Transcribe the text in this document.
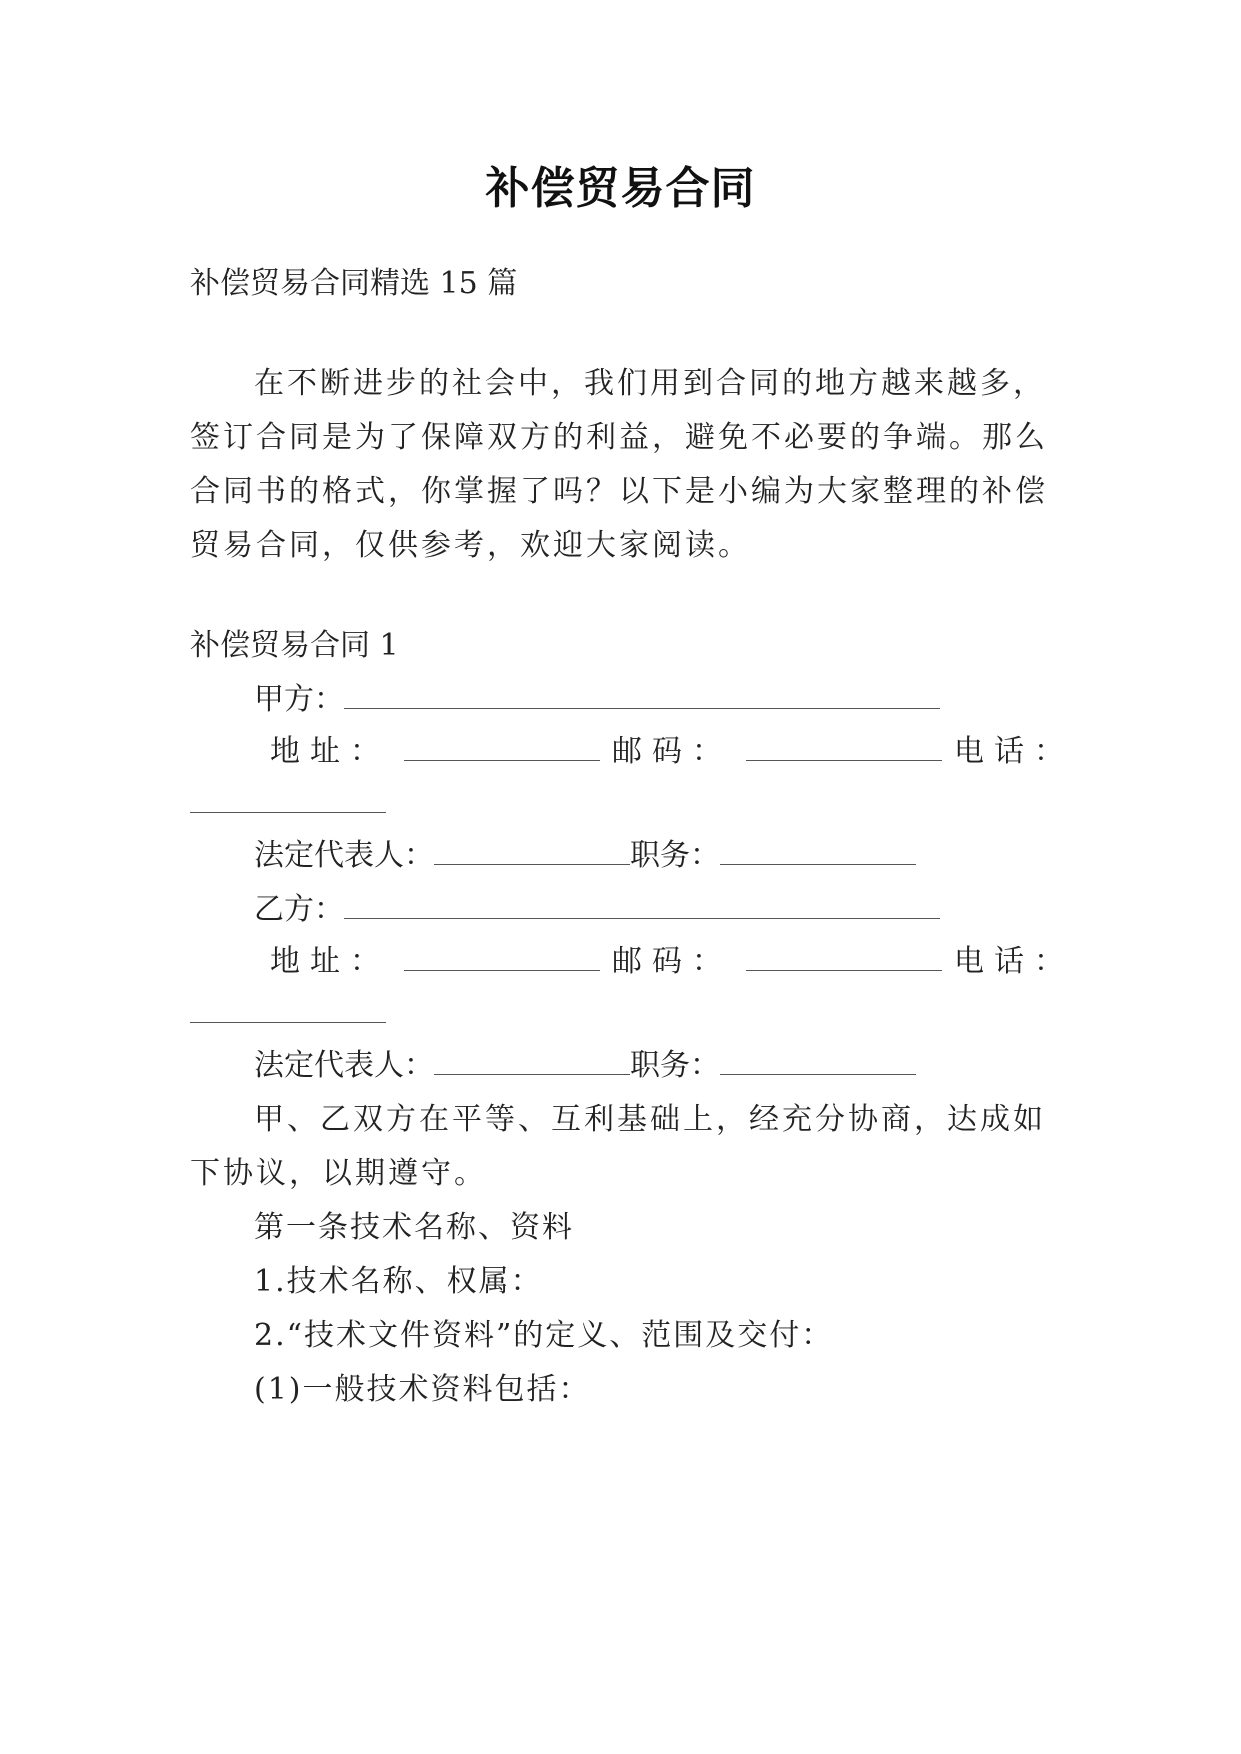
补偿贸易合同
补偿贸易合同精选 15 篇
在不断进步的社会中，我们用到合同的地方越来越多，
签订合同是为了保障双方的利益，避免不必要的争端。那么
合同书的格式，你掌握了吗？以下是小编为大家整理的补偿
贸易合同，仅供参考，欢迎大家阅读。
补偿贸易合同 1
甲方：
地址：	邮码：	电话：
法定代表人：	职务：
乙方：
地址：	邮码：	电话：
法定代表人：	职务：
甲、乙双方在平等、互利基础上，经充分协商，达成如
下协议，以期遵守。
第一条技术名称、资料
1.技术名称、权属：
2.“技术文件资料”的定义、范围及交付：
(1)一般技术资料包括：
